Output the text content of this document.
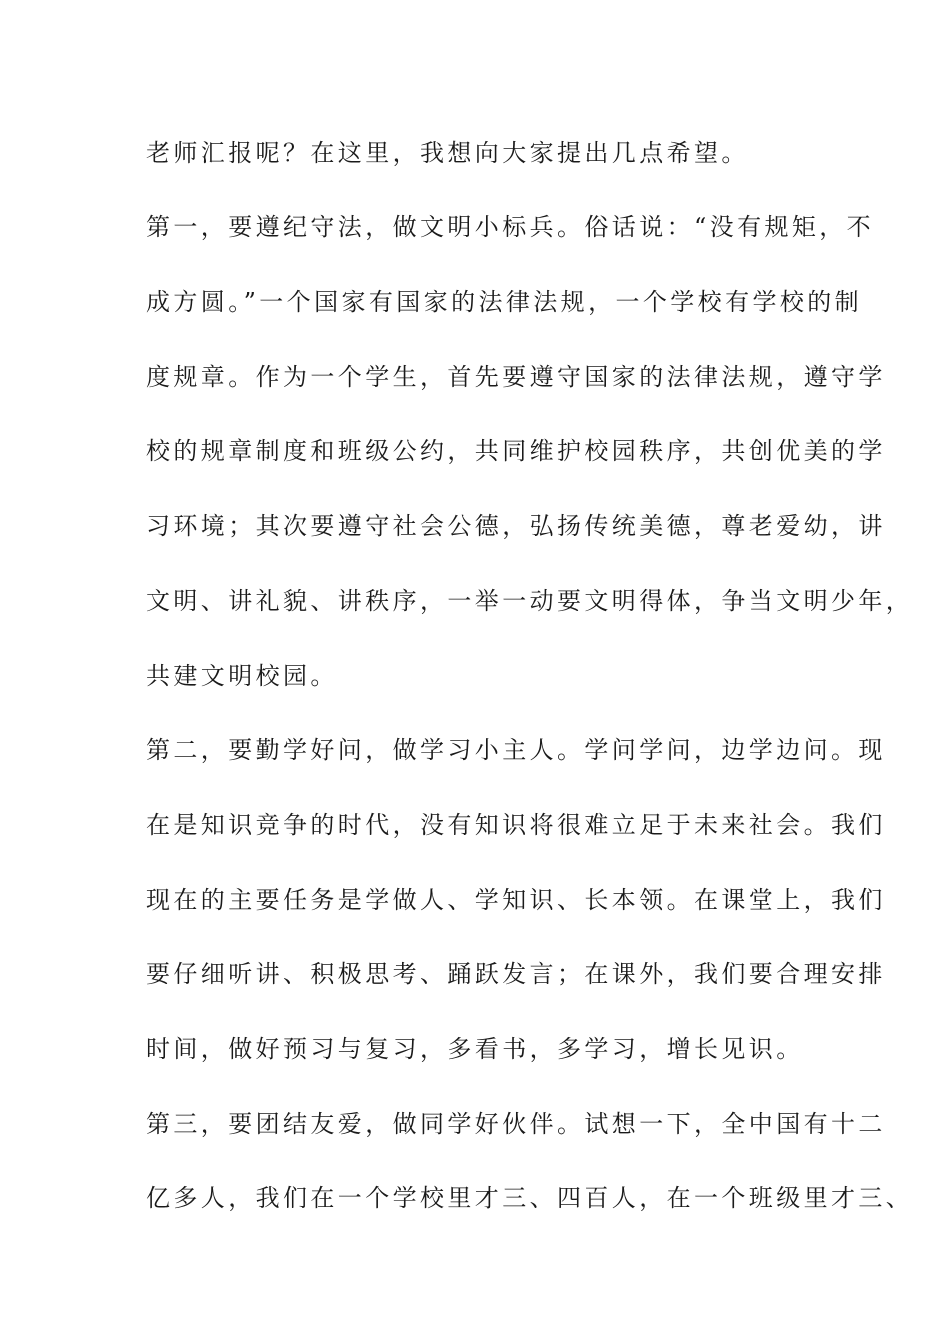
老师汇报呢？在这里，我想向大家提出几点希望。
第一，要遵纪守法，做文明小标兵。俗话说：“没有规矩，不
成方圆。”一个国家有国家的法律法规，一个学校有学校的制
度规章。作为一个学生，首先要遵守国家的法律法规，遵守学
校的规章制度和班级公约，共同维护校园秩序，共创优美的学
习环境；其次要遵守社会公德，弘扬传统美德，尊老爱幼，讲
文明、讲礼貌、讲秩序，一举一动要文明得体，争当文明少年，
共建文明校园。
第二，要勤学好问，做学习小主人。学问学问，边学边问。现
在是知识竞争的时代，没有知识将很难立足于未来社会。我们
现在的主要任务是学做人、学知识、长本领。在课堂上，我们
要仔细听讲、积极思考、踊跃发言；在课外，我们要合理安排
时间，做好预习与复习，多看书，多学习，增长见识。
第三，要团结友爱，做同学好伙伴。试想一下，全中国有十二
亿多人，我们在一个学校里才三、四百人，在一个班级里才三、
